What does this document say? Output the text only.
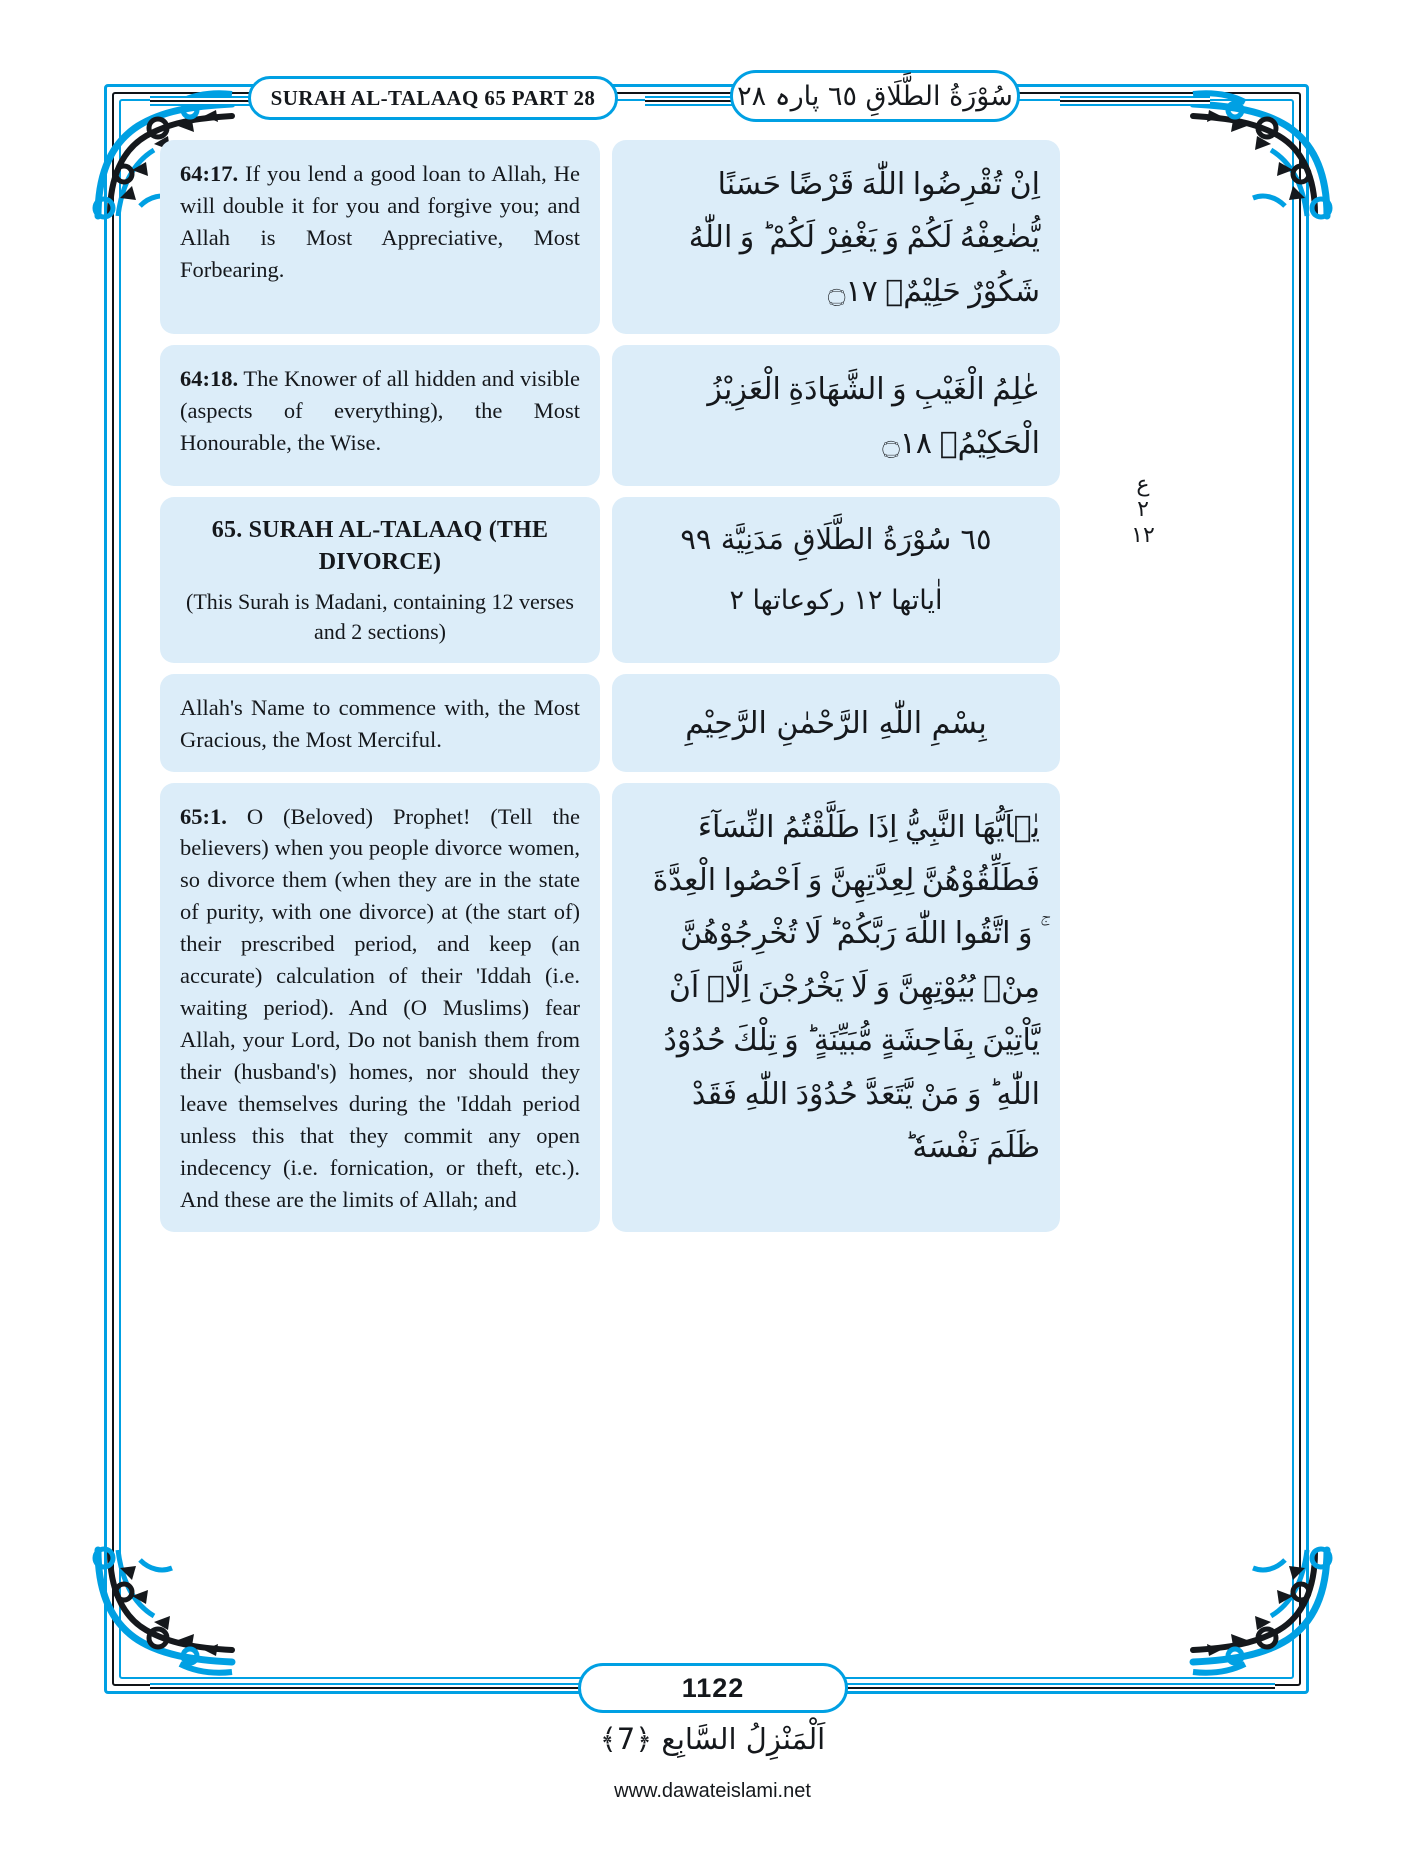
SURAH AL-TALAAQ 65 PART 28	سُوْرَةُ الطَّلَاقِ ٦٥ پارہ ٢٨
ع
٢
١٢
64:17. If you lend a good loan to Allah, He will double it for you and forgive you; and Allah is Most Appreciative, Most Forbearing.
اِنْ تُقْرِضُوا اللّٰهَ قَرْضًا حَسَنًا يُّضٰعِفْهُ لَكُمْ وَ يَغْفِرْ لَكُمْ ؕ وَ اللّٰهُ شَكُوْرٌ حَلِيْمٌۙ ۝۱۷
64:18. The Knower of all hidden and visible (aspects of everything), the Most Honourable, the Wise.
عٰلِمُ الْغَيْبِ وَ الشَّهَادَةِ الْعَزِيْزُ الْحَكِيْمُ۠ ۝۱۸
65. SURAH AL-TALAAQ (THE DIVORCE)
(This Surah is Madani, containing 12 verses and 2 sections)
٦٥ سُوْرَةُ الطَّلَاقِ مَدَنِیَّة ٩٩
اٰیاتها ١٢ رکوعاتها ٢
Allah's Name to commence with, the Most Gracious, the Most Merciful.	بِسْمِ اللّٰهِ الرَّحْمٰنِ الرَّحِيْمِ
65:1. O (Beloved) Prophet! (Tell the believers) when you people divorce women, so divorce them (when they are in the state of purity, with one divorce) at (the start of) their prescribed period, and keep (an accurate) calculation of their 'Iddah (i.e. waiting period). And (O Muslims) fear Allah, your Lord, Do not banish them from their (husband's) homes, nor should they leave themselves during the 'Iddah period unless this that they commit any open indecency (i.e. fornication, or theft, etc.). And these are the limits of Allah; and
يٰۤاَيُّهَا النَّبِيُّ اِذَا طَلَّقْتُمُ النِّسَآءَ فَطَلِّقُوْهُنَّ لِعِدَّتِهِنَّ وَ اَحْصُوا الْعِدَّةَ ۚ وَ اتَّقُوا اللّٰهَ رَبَّكُمْ ؕ لَا تُخْرِجُوْهُنَّ مِنْۢ بُيُوْتِهِنَّ وَ لَا يَخْرُجْنَ اِلَّاۤ اَنْ يَّاْتِيْنَ بِفَاحِشَةٍ مُّبَيِّنَةٍ ؕ وَ تِلْكَ حُدُوْدُ اللّٰهِ ؕ وَ مَنْ يَّتَعَدَّ حُدُوْدَ اللّٰهِ فَقَدْ ظَلَمَ نَفْسَهٗ ؕ
1122
اَلْمَنْزِلُ السَّابِع ﴿7﴾
www.dawateislami.net
